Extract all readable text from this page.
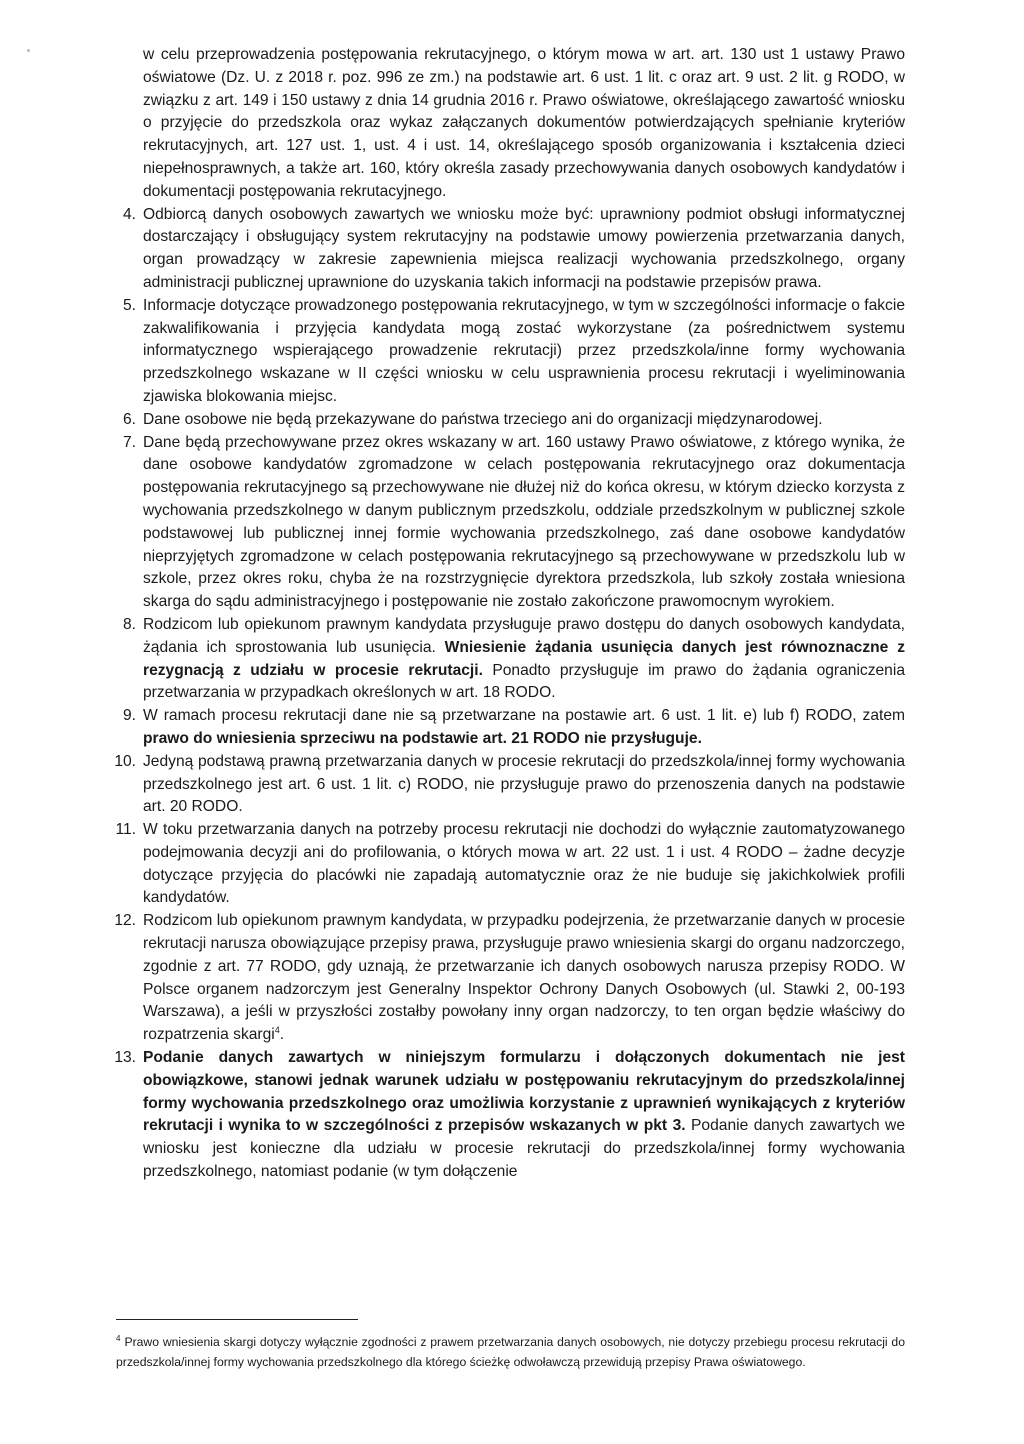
w celu przeprowadzenia postępowania rekrutacyjnego, o którym mowa w art. art. 130 ust 1 ustawy Prawo oświatowe (Dz. U. z 2018 r. poz. 996 ze zm.) na podstawie art. 6 ust. 1 lit. c oraz art. 9 ust. 2 lit. g RODO, w związku z art. 149 i 150 ustawy z dnia 14 grudnia 2016 r. Prawo oświatowe, określającego zawartość wniosku o przyjęcie do przedszkola oraz wykaz załączanych dokumentów potwierdzających spełnianie kryteriów rekrutacyjnych, art. 127 ust. 1, ust. 4 i ust. 14, określającego sposób organizowania i kształcenia dzieci niepełnosprawnych, a także art. 160, który określa zasady przechowywania danych osobowych kandydatów i dokumentacji postępowania rekrutacyjnego.
4. Odbiorcą danych osobowych zawartych we wniosku może być: uprawniony podmiot obsługi informatycznej dostarczający i obsługujący system rekrutacyjny na podstawie umowy powierzenia przetwarzania danych, organ prowadzący w zakresie zapewnienia miejsca realizacji wychowania przedszkolnego, organy administracji publicznej uprawnione do uzyskania takich informacji na podstawie przepisów prawa.
5. Informacje dotyczące prowadzonego postępowania rekrutacyjnego, w tym w szczególności informacje o fakcie zakwalifikowania i przyjęcia kandydata mogą zostać wykorzystane (za pośrednictwem systemu informatycznego wspierającego prowadzenie rekrutacji) przez przedszkola/inne formy wychowania przedszkolnego wskazane w II części wniosku w celu usprawnienia procesu rekrutacji i wyeliminowania zjawiska blokowania miejsc.
6. Dane osobowe nie będą przekazywane do państwa trzeciego ani do organizacji międzynarodowej.
7. Dane będą przechowywane przez okres wskazany w art. 160 ustawy Prawo oświatowe, z którego wynika, że dane osobowe kandydatów zgromadzone w celach postępowania rekrutacyjnego oraz dokumentacja postępowania rekrutacyjnego są przechowywane nie dłużej niż do końca okresu, w którym dziecko korzysta z wychowania przedszkolnego w danym publicznym przedszkolu, oddziale przedszkolnym w publicznej szkole podstawowej lub publicznej innej formie wychowania przedszkolnego, zaś dane osobowe kandydatów nieprzyjętych zgromadzone w celach postępowania rekrutacyjnego są przechowywane w przedszkolu lub w szkole, przez okres roku, chyba że na rozstrzygnięcie dyrektora przedszkola, lub szkoły została wniesiona skarga do sądu administracyjnego i postępowanie nie zostało zakończone prawomocnym wyrokiem.
8. Rodzicom lub opiekunom prawnym kandydata przysługuje prawo dostępu do danych osobowych kandydata, żądania ich sprostowania lub usunięcia. Wniesienie żądania usunięcia danych jest równoznaczne z rezygnacją z udziału w procesie rekrutacji. Ponadto przysługuje im prawo do żądania ograniczenia przetwarzania w przypadkach określonych w art. 18 RODO.
9. W ramach procesu rekrutacji dane nie są przetwarzane na postawie art. 6 ust. 1 lit. e) lub f) RODO, zatem prawo do wniesienia sprzeciwu na podstawie art. 21 RODO nie przysługuje.
10. Jedyną podstawą prawną przetwarzania danych w procesie rekrutacji do przedszkola/innej formy wychowania przedszkolnego jest art. 6 ust. 1 lit. c) RODO, nie przysługuje prawo do przenoszenia danych na podstawie art. 20 RODO.
11. W toku przetwarzania danych na potrzeby procesu rekrutacji nie dochodzi do wyłącznie zautomatyzowanego podejmowania decyzji ani do profilowania, o których mowa w art. 22 ust. 1 i ust. 4 RODO – żadne decyzje dotyczące przyjęcia do placówki nie zapadają automatycznie oraz że nie buduje się jakichkolwiek profili kandydatów.
12. Rodzicom lub opiekunom prawnym kandydata, w przypadku podejrzenia, że przetwarzanie danych w procesie rekrutacji narusza obowiązujące przepisy prawa, przysługuje prawo wniesienia skargi do organu nadzorczego, zgodnie z art. 77 RODO, gdy uznają, że przetwarzanie ich danych osobowych narusza przepisy RODO. W Polsce organem nadzorczym jest Generalny Inspektor Ochrony Danych Osobowych (ul. Stawki 2, 00-193 Warszawa), a jeśli w przyszłości zostałby powołany inny organ nadzorczy, to ten organ będzie właściwy do rozpatrzenia skargi$^4$.
13. Podanie danych zawartych w niniejszym formularzu i dołączonych dokumentach nie jest obowiązkowe, stanowi jednak warunek udziału w postępowaniu rekrutacyjnym do przedszkola/innej formy wychowania przedszkolnego oraz umożliwia korzystanie z uprawnień wynikających z kryteriów rekrutacji i wynika to w szczególności z przepisów wskazanych w pkt 3. Podanie danych zawartych we wniosku jest konieczne dla udziału w procesie rekrutacji do przedszkola/innej formy wychowania przedszkolnego, natomiast podanie (w tym dołączenie
$^4$ Prawo wniesienia skargi dotyczy wyłącznie zgodności z prawem przetwarzania danych osobowych, nie dotyczy przebiegu procesu rekrutacji do przedszkola/innej formy wychowania przedszkolnego dla którego ścieżkę odwoławczą przewidują przepisy Prawa oświatowego.
